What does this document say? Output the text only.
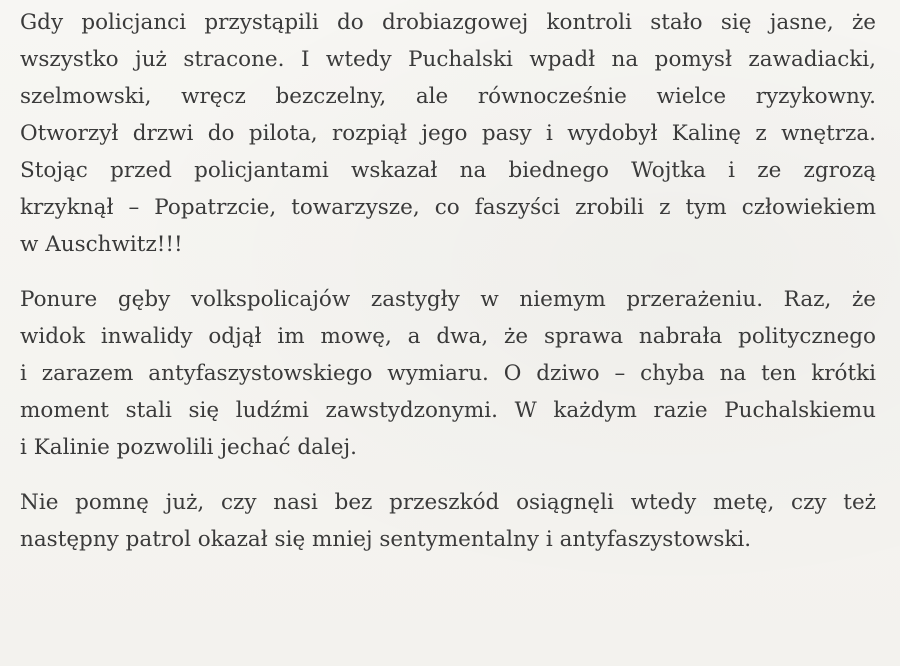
Gdy policjanci przystąpili do drobiazgowej kontroli stało się jasne, że
wszystko już stracone. I wtedy Puchalski wpadł na pomysł zawadiacki,
szelmowski, wręcz bezczelny, ale równocześnie wielce ryzykowny.
Otworzył drzwi do pilota, rozpiął jego pasy i wydobył Kalinę z wnętrza.
Stojąc przed policjantami wskazał na biednego Wojtka i ze zgrozą
krzyknął – Popatrzcie, towarzysze, co faszyści zrobili z tym człowiekiem
w Auschwitz!!!

Ponure gęby volkspolicajów zastygły w niemym przerażeniu. Raz, że
widok inwalidy odjął im mowę, a dwa, że sprawa nabrała politycznego
i zarazem antyfaszystowskiego wymiaru. O dziwo – chyba na ten krótki
moment stali się ludźmi zawstydzonymi. W każdym razie Puchalskiemu
i Kalinie pozwolili jechać dalej.

Nie pomnę już, czy nasi bez przeszkód osiągnęli wtedy metę, czy też
następny patrol okazał się mniej sentymentalny i antyfaszystowski.
